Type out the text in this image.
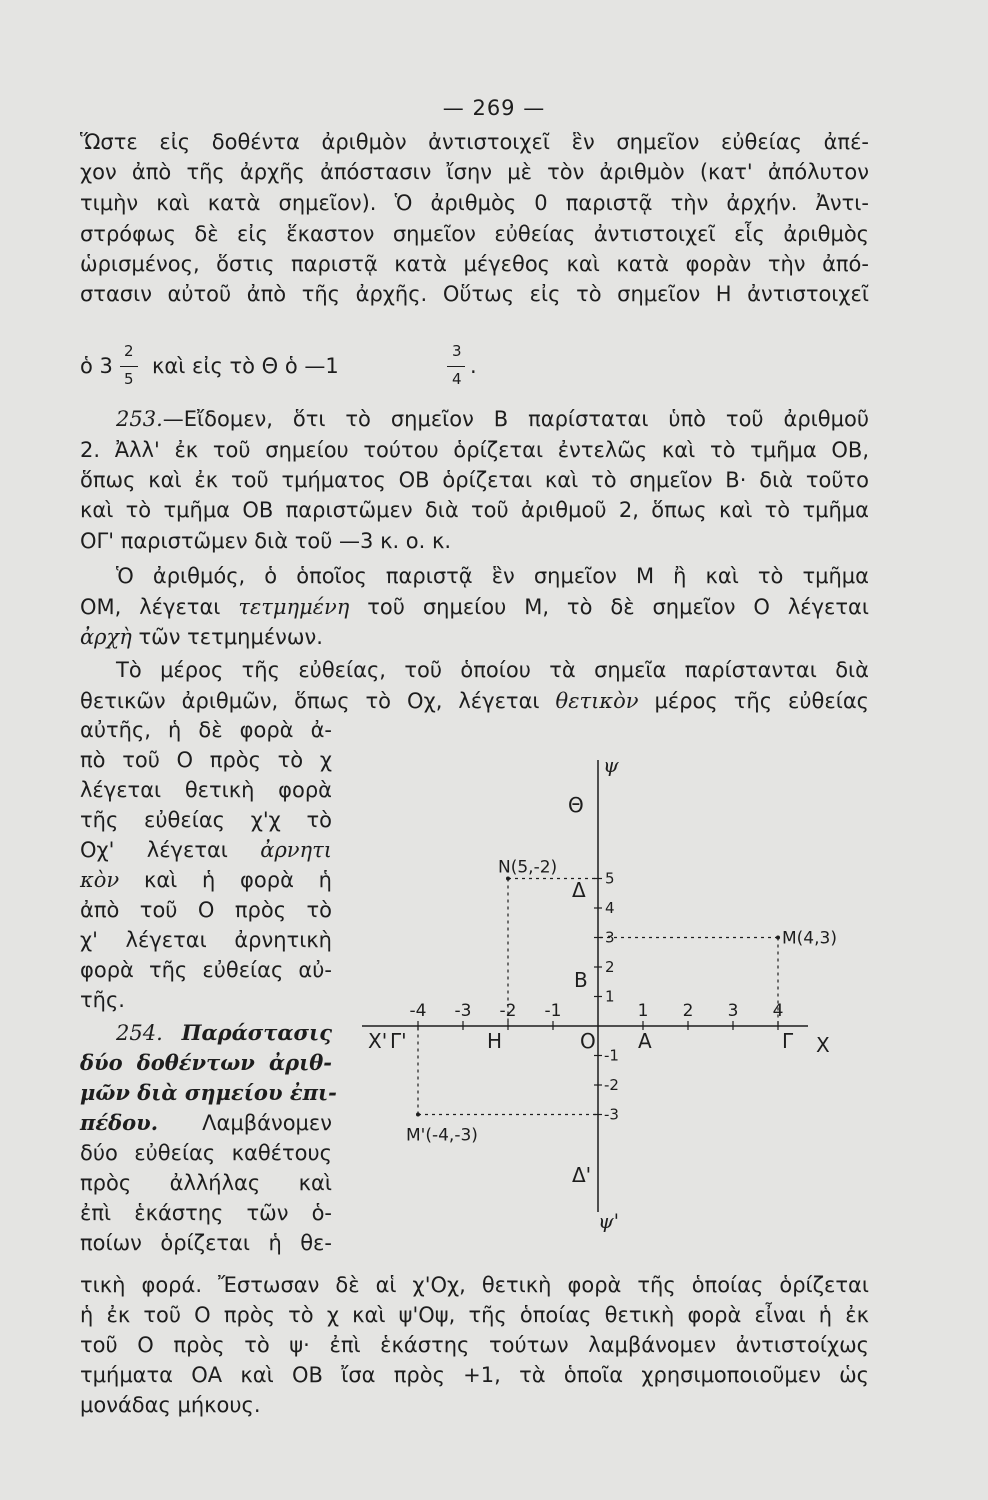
— 269 —
Ὥστε εἰς δοθέντα ἀριθμὸν ἀντιστοιχεῖ ἓν σημεῖον εὐθείας ἀπέ-
χον ἀπὸ τῆς ἀρχῆς ἀπόστασιν ἴσην μὲ τὸν ἀριθμὸν (κατ' ἀπόλυτον
τιμὴν καὶ κατὰ σημεῖον). Ὁ ἀριθμὸς 0 παριστᾷ τὴν ἀρχήν. Ἀντι-
στρόφως δὲ εἰς ἕκαστον σημεῖον εὐθείας ἀντιστοιχεῖ εἷς ἀριθμὸς
ὡρισμένος, ὅστις παριστᾷ κατὰ μέγεθος καὶ κατὰ φορὰν τὴν ἀπό-
στασιν αὐτοῦ ἀπὸ τῆς ἀρχῆς. Οὕτως εἰς τὸ σημεῖον Η ἀντιστοιχεῖ
ὁ 3
2
5
καὶ εἰς τὸ Θ ὁ —1
3
4
.
253.—Εἴδομεν, ὅτι τὸ σημεῖον Β παρίσταται ὑπὸ τοῦ ἀριθμοῦ
2. Ἀλλ' ἐκ τοῦ σημείου τούτου ὁρίζεται ἐντελῶς καὶ τὸ τμῆμα ΟΒ,
ὅπως καὶ ἐκ τοῦ τμήματος ΟΒ ὁρίζεται καὶ τὸ σημεῖον Β· διὰ τοῦτο
καὶ τὸ τμῆμα ΟΒ παριστῶμεν διὰ τοῦ ἀριθμοῦ 2, ὅπως καὶ τὸ τμῆμα
ΟΓ' παριστῶμεν διὰ τοῦ —3 κ. ο. κ.
Ὁ ἀριθμός, ὁ ὁποῖος παριστᾷ ἓν σημεῖον Μ ἢ καὶ τὸ τμῆμα
ΟΜ, λέγεται τετμημένη τοῦ σημείου Μ, τὸ δὲ σημεῖον Ο λέγεται
ἀρχὴ τῶν τετμημένων.
Τὸ μέρος τῆς εὐθείας, τοῦ ὁποίου τὰ σημεῖα παρίστανται διὰ
θετικῶν ἀριθμῶν, ὅπως τὸ Οχ, λέγεται θετικὸν μέρος τῆς εὐθείας
αὐτῆς, ἡ δὲ φορὰ ἀ-
πὸ τοῦ Ο πρὸς τὸ χ
λέγεται θετικὴ φορὰ
τῆς εὐθείας χ'χ τὸ
Οχ' λέγεται ἀρνητι
κὸν καὶ ἡ φορὰ ἡ
ἀπὸ τοῦ Ο πρὸς τὸ
χ' λέγεται ἀρνητικὴ
φορὰ τῆς εὐθείας αὐ-
τῆς.
254. Παράστασις
δύο δοθέντων ἀριθ-
μῶν διὰ σημείου ἐπι-
πέδου. Λαμβάνομεν
δύο εὐθείας καθέτους
πρὸς ἀλλήλας καὶ
ἐπὶ ἑκάστης τῶν ὁ-
ποίων ὁρίζεται ἡ θε-
τικὴ φορά. Ἔστωσαν δὲ αἱ χ'Οχ, θετικὴ φορὰ τῆς ὁποίας ὁρίζεται
ἡ ἐκ τοῦ Ο πρὸς τὸ χ καὶ ψ'Οψ, τῆς ὁποίας θετικὴ φορὰ εἶναι ἡ ἐκ
τοῦ Ο πρὸς τὸ ψ· ἐπὶ ἑκάστης τούτων λαμβάνομεν ἀντιστοίχως
τμήματα ΟΑ καὶ ΟΒ ἴσα πρὸς +1, τὰ ὁποῖα χρησιμοποιοῦμεν ὡς
μονάδας μήκους.
-4 -3 -2 -1	1 2 3 4
1
2
3
4
5
-1
-2
-3
Ν(5,-2)
Μ(4,3)
Μ'(-4,-3)
Χ' Γ'	Η	Ο Α	Γ Χ
ψ
ψ'
Θ
Δ
Β
Δ'
